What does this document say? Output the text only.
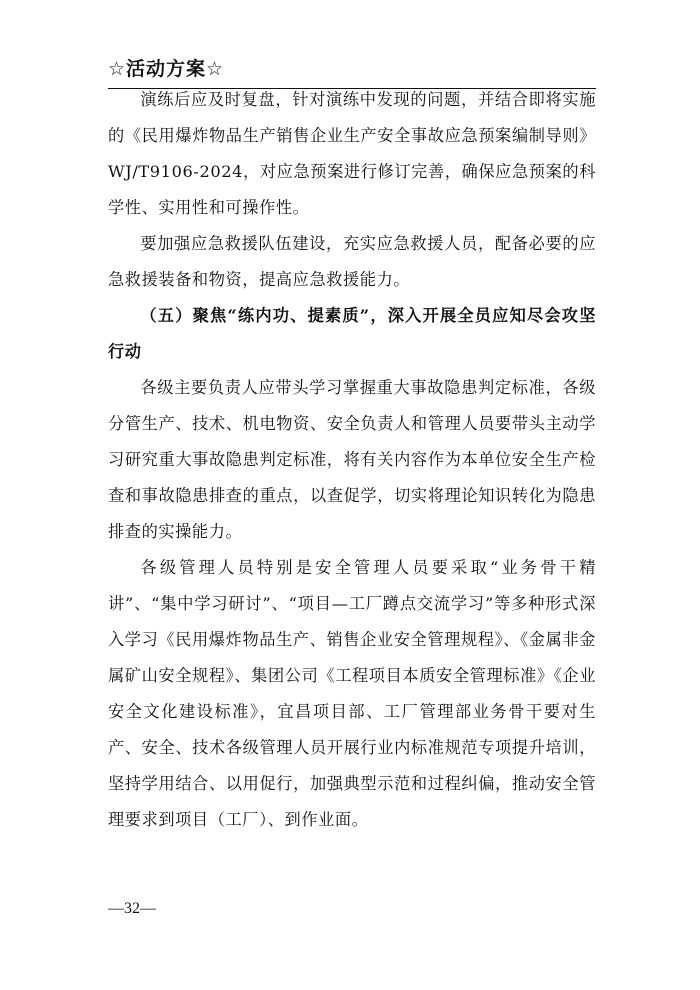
☆活动方案☆

演练后应及时复盘，针对演练中发现的问题，并结合即将实施的《民用爆炸物品生产销售企业生产安全事故应急预案编制导则》WJ/T9106-2024，对应急预案进行修订完善，确保应急预案的科学性、实用性和可操作性。

要加强应急救援队伍建设，充实应急救援人员，配备必要的应急救援装备和物资，提高应急救援能力。

（五）聚焦“练内功、提素质”，深入开展全员应知尽会攻坚行动

各级主要负责人应带头学习掌握重大事故隐患判定标准，各级分管生产、技术、机电物资、安全负责人和管理人员要带头主动学习研究重大事故隐患判定标准，将有关内容作为本单位安全生产检查和事故隐患排查的重点，以查促学，切实将理论知识转化为隐患排查的实操能力。

各级管理人员特别是安全管理人员要采取“业务骨干精讲”、“集中学习研讨”、“项目—工厂蹲点交流学习”等多种形式深入学习《民用爆炸物品生产、销售企业安全管理规程》、《金属非金属矿山安全规程》、集团公司《工程项目本质安全管理标准》《企业安全文化建设标准》，宜昌项目部、工厂管理部业务骨干要对生产、安全、技术各级管理人员开展行业内标准规范专项提升培训，坚持学用结合、以用促行，加强典型示范和过程纠偏，推动安全管理要求到项目（工厂）、到作业面。

—32—
